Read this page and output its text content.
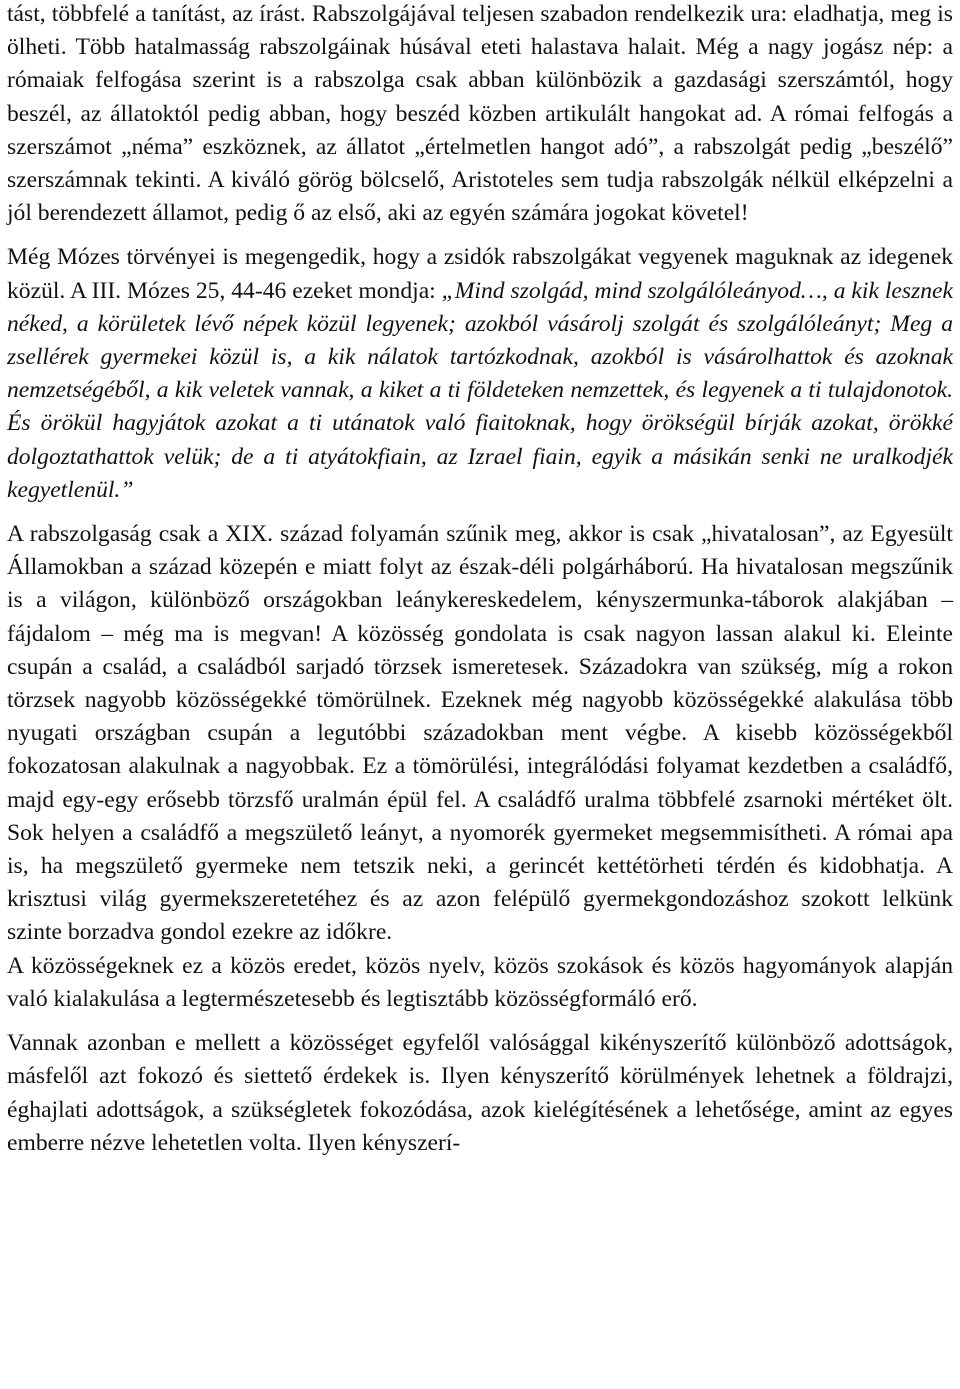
tást, többfelé a tanítást, az írást. Rabszolgájával teljesen szabadon rendelkezik ura: eladhatja, meg is ölheti. Több hatalmasság rabszolgáinak húsával eteti halastava halait. Még a nagy jogász nép: a rómaiak felfogása szerint is a rabszolga csak abban különbözik a gazdasági szerszámtól, hogy beszél, az állatoktól pedig abban, hogy beszéd közben artikulált hangokat ad. A római felfogás a szerszámot „néma” eszköznek, az állatot „értelmetlen hangot adó”, a rabszolgát pedig „beszélő” szerszámnak tekinti. A kiváló görög bölcselő, Aristoteles sem tudja rabszolgák nélkül elképzelni a jól berendezett államot, pedig ő az első, aki az egyén számára jogokat követel!

Még Mózes törvényei is megengedik, hogy a zsidók rabszolgákat vegyenek maguknak az idegenek közül. A III. Mózes 25, 44-46 ezeket mondja: „Mind szolgád, mind szolgálóleányod…, a kik lesznek néked, a körületek lévő népek közül legyenek; azokból vásárolj szolgát és szolgálóleányt; Meg a zsellérek gyermekei közül is, a kik nálatok tartózkodnak, azokból is vásárolhattok és azoknak nemzetségéből, a kik veletek vannak, a kiket a ti földeteken nemzettek, és legyenek a ti tulajdonotok. És örökül hagyjátok azokat a ti utánatok való fiaitoknak, hogy örökségül bírják azokat, örökké dolgoztathattok velük; de a ti atyátokfiain, az Izrael fiain, egyik a másikán senki ne uralkodjék kegyetlenül.”

A rabszolgaság csak a XIX. század folyamán szűnik meg, akkor is csak „hivatalosan”, az Egyesült Államokban a század közepén e miatt folyt az észak-déli polgárháború. Ha hivatalosan megszűnik is a világon, különböző országokban leánykereskedelem, kényszermunka-táborok alakjában – fájdalom – még ma is megvan! A közösség gondolata is csak nagyon lassan alakul ki. Eleinte csupán a család, a családból sarjadó törzsek ismeretesek. Századokra van szükség, míg a rokon törzsek nagyobb közösségekké tömörülnek. Ezeknek még nagyobb közösségekké alakulása több nyugati országban csupán a legutóbbi századokban ment végbe. A kisebb közösségekből fokozatosan alakulnak a nagyobbak. Ez a tömörülési, integrálódási folyamat kezdetben a családfő, majd egy-egy erősebb törzsfő uralmán épül fel. A családfő uralma többfelé zsarnoki mértéket ölt. Sok helyen a családfő a megszülető leányt, a nyomorék gyermeket megsemmisítheti. A római apa is, ha megszülető gyermeke nem tetszik neki, a gerincét kettétörheti térdén és kidobhatja. A krisztusi világ gyermekszeretetéhez és az azon felépülő gyermekgondozáshoz szokott lelkünk szinte borzadva gondol ezekre az időkre.

A közösségeknek ez a közös eredet, közös nyelv, közös szokások és közös hagyományok alapján való kialakulása a legtermészetesebb és legtisztább közösségformáló erő.

Vannak azonban e mellett a közösséget egyfelől valósággal kikényszerítő különböző adottságok, másfelől azt fokozó és siettető érdekek is. Ilyen kényszerítő körülmények lehetnek a földrajzi, éghajlati adottságok, a szükségletek fokozódása, azok kielégítésének a lehetősége, amint az egyes emberre nézve lehetetlen volta. Ilyen kényszerí-
